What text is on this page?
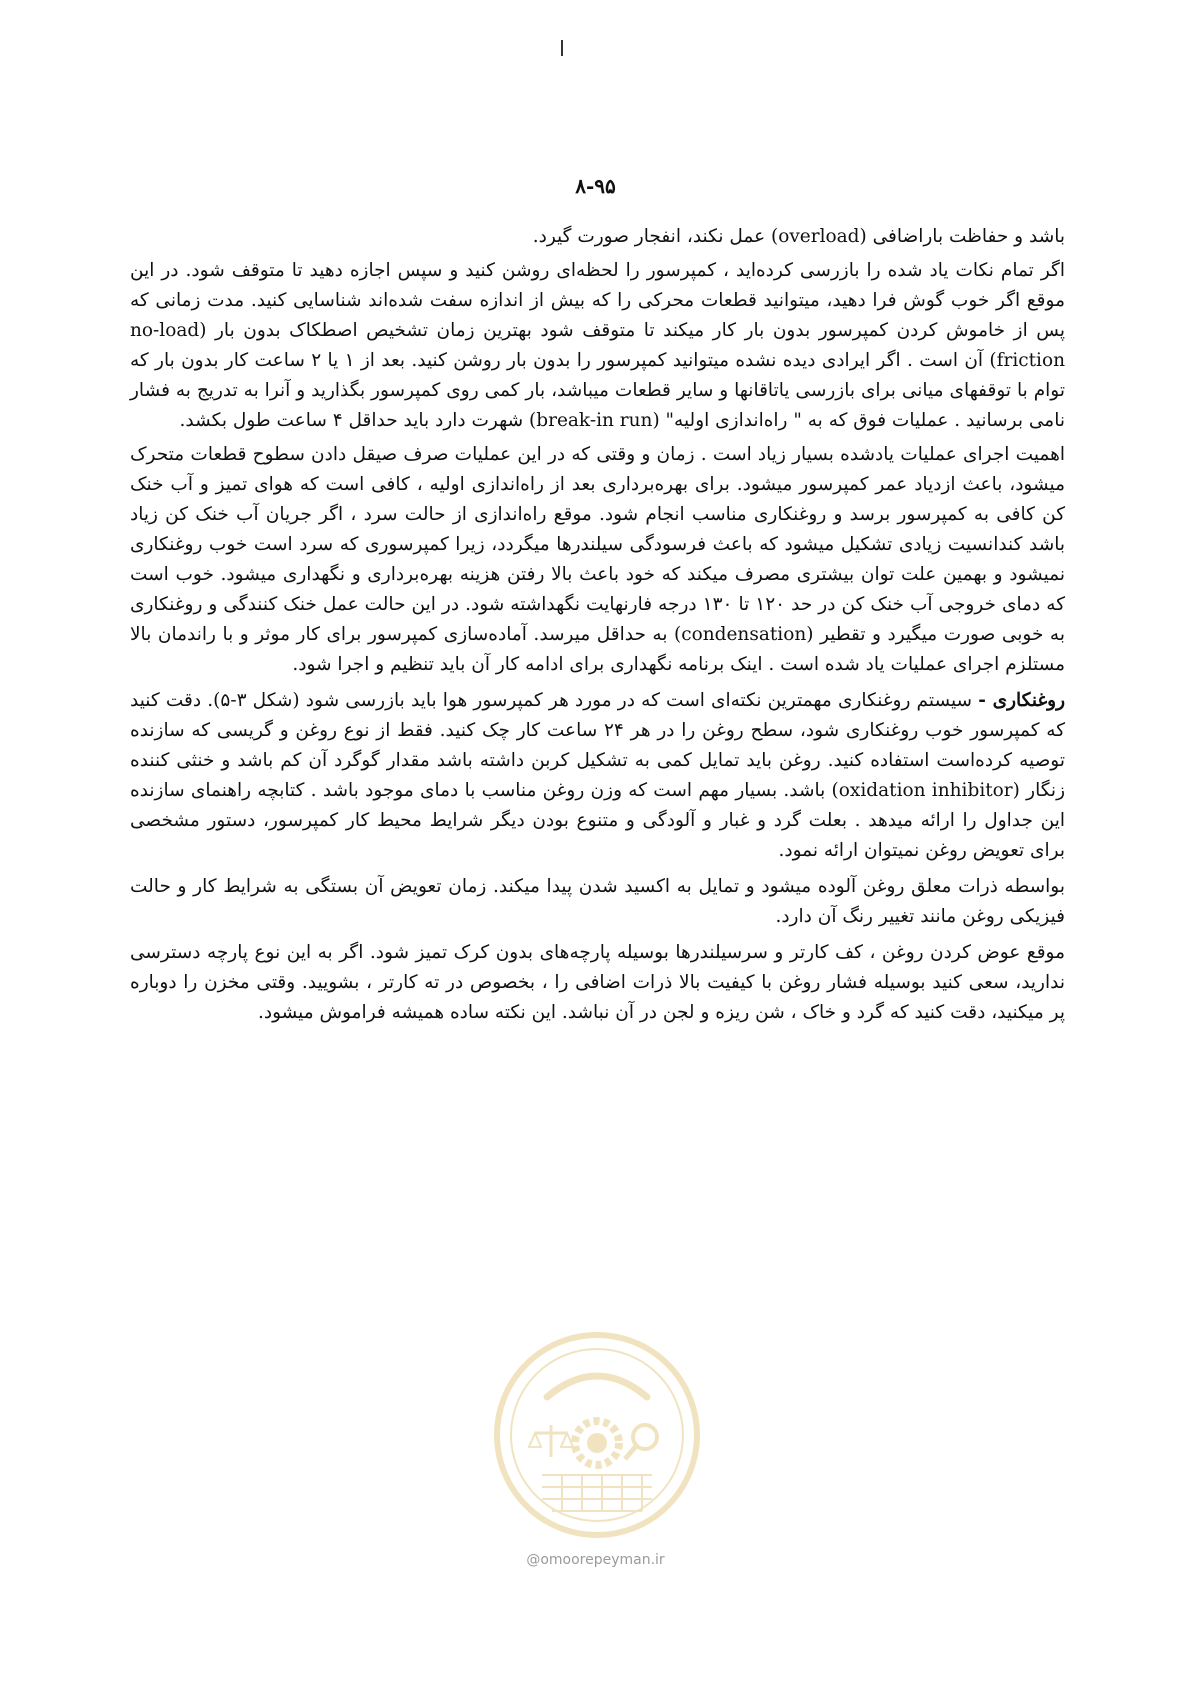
۸-۹۵

باشد و حفاظت باراضافی (overload) عمل نکند، انفجار صورت گیرد.

اگر تمام نکات یاد شده را بازرسی کرده‌اید ، کمپرسور را لحظه‌ای روشن کنید و سپس اجازه دهید تا متوقف شود. در این موقع اگر خوب گوش فرا دهید، میتوانید قطعات محرکی را که بیش از اندازه سفت شده‌اند شناسایی کنید. مدت زمانی که پس از خاموش کردن کمپرسور بدون بار کار میکند تا متوقف شود بهترین زمان تشخیص اصطکاک بدون بار (no-load friction) آن است . اگر ایرادی دیده نشده میتوانید کمپرسور را بدون بار روشن کنید. بعد از ۱ یا ۲ ساعت کار بدون بار که توام با توقفهای میانی برای بازرسی یاتاقانها و سایر قطعات میباشد، بار کمی روی کمپرسور بگذارید و آنرا به تدریج به فشار نامی برسانید . عملیات فوق که به " راه‌اندازی اولیه" (break-in run) شهرت دارد باید حداقل ۴ ساعت طول بکشد.

اهمیت اجرای عملیات یادشده بسیار زیاد است . زمان و وقتی که در این عملیات صرف صیقل دادن سطوح قطعات متحرک میشود، باعث ازدیاد عمر کمپرسور میشود. برای بهره‌برداری بعد از راه‌اندازی اولیه ، کافی است که هوای تمیز و آب خنک کن کافی به کمپرسور برسد و روغنکاری مناسب انجام شود. موقع راه‌اندازی از حالت سرد ، اگر جریان آب خنک کن زیاد باشد کندانسیت زیادی تشکیل میشود که باعث فرسودگی سیلندرها میگردد، زیرا کمپرسوری که سرد است خوب روغنکاری نمیشود و بهمین علت توان بیشتری مصرف میکند که خود باعث بالا رفتن هزینه بهره‌برداری و نگهداری میشود. خوب است که دمای خروجی آب خنک کن در حد ۱۲۰ تا ۱۳۰ درجه فارنهایت نگهداشته شود. در این حالت عمل خنک کنندگی و روغنکاری به خوبی صورت میگیرد و تقطیر (condensation) به حداقل میرسد. آماده‌سازی کمپرسور برای کار موثر و با راندمان بالا مستلزم اجرای عملیات یاد شده است . اینک برنامه نگهداری برای ادامه کار آن باید تنظیم و اجرا شود.

روغنکاری - سیستم روغنکاری مهمترین نکته‌ای است که در مورد هر کمپرسور هوا باید بازرسی شود (شکل ۳-۵). دقت کنید که کمپرسور خوب روغنکاری شود، سطح روغن را در هر ۲۴ ساعت کار چک کنید. فقط از نوع روغن و گریسی که سازنده توصیه کرده‌است استفاده کنید. روغن باید تمایل کمی به تشکیل کربن داشته باشد مقدار گوگرد آن کم باشد و خنثی کننده زنگار (oxidation inhibitor) باشد. بسیار مهم است که وزن روغن مناسب با دمای موجود باشد . کتابچه راهنمای سازنده این جداول را ارائه میدهد . بعلت گرد و غبار و آلودگی و متنوع بودن دیگر شرایط محیط کار کمپرسور، دستور مشخصی برای تعویض روغن نمیتوان ارائه نمود.

بواسطه ذرات معلق روغن آلوده میشود و تمایل به اکسید شدن پیدا میکند. زمان تعویض آن بستگی به شرایط کار و حالت فیزیکی روغن مانند تغییر رنگ آن دارد.

موقع عوض کردن روغن ، کف کارتر و سرسیلندرها بوسیله پارچه‌های بدون کرک تمیز شود. اگر به این نوع پارچه دسترسی ندارید، سعی کنید بوسیله فشار روغن با کیفیت بالا ذرات اضافی را ، بخصوص در ته کارتر ، بشویید. وقتی مخزن را دوباره پر میکنید، دقت کنید که گرد و خاک ، شن ریزه و لجن در آن نباشد. این نکته ساده همیشه فراموش میشود.

@omoorepeyman.ir
